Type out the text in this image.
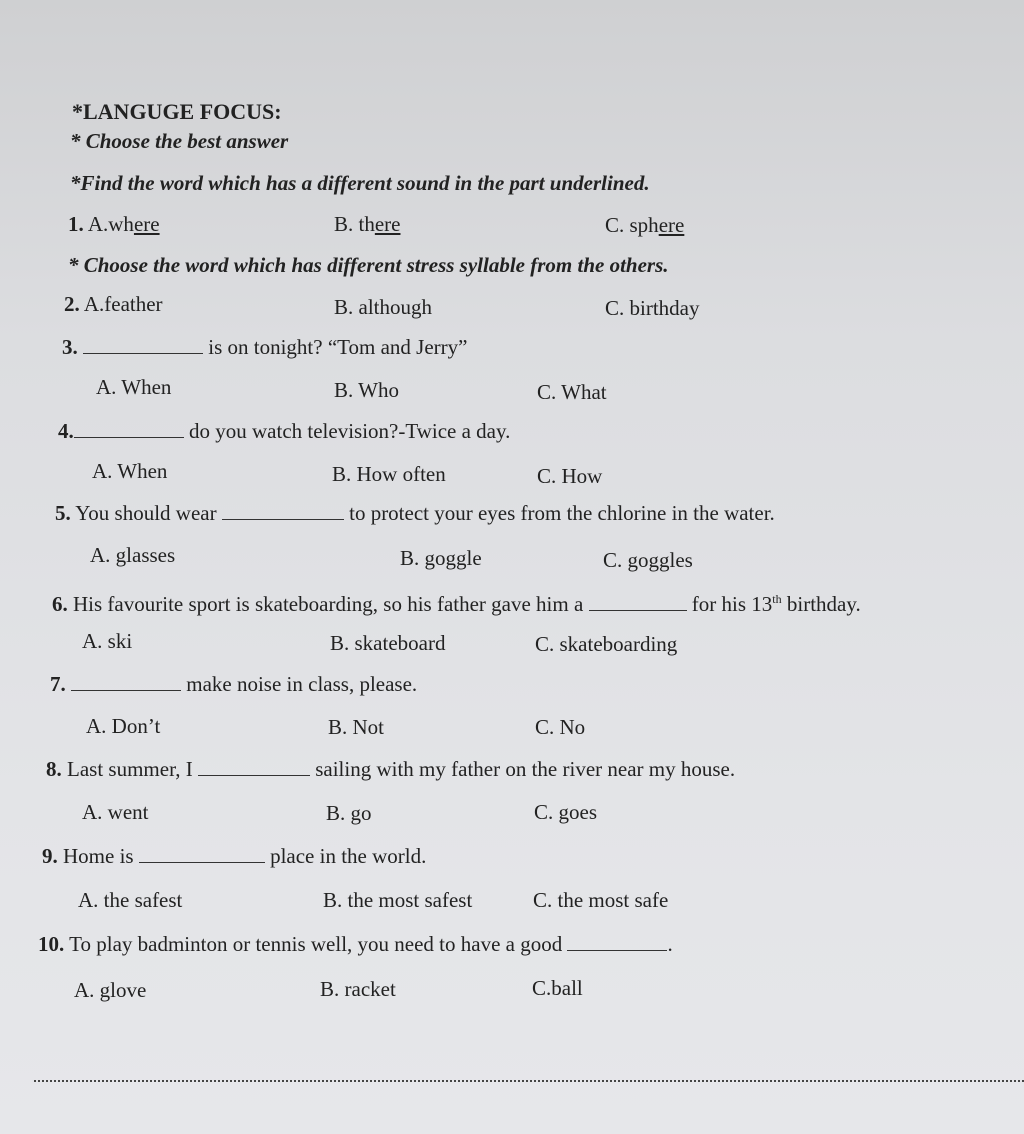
*LANGUGE FOCUS:
* Choose the best answer
*Find the word which has a different sound in the part underlined.
1. A.where	B. there	C. sphere
* Choose the word which has different stress syllable from the others.
2. A.feather	B. although	C. birthday
3.	is on tonight? “Tom and Jerry”
A. When	B. Who	C. What
4.	do you watch television?-Twice a day.
A. When	B. How often	C. How
5. You should wear	to protect your eyes from the chlorine in the water.
A. glasses	B. goggle	C. goggles
6. His favourite sport is skateboarding, so his father gave him a	for his 13th birthday.
A. ski	B. skateboard	C. skateboarding
7.	make noise in class, please.
A. Don’t	B. Not	C. No
8. Last summer, I	sailing with my father on the river near my house.
A. went	B. go	C. goes
9. Home is	place in the world.
A. the safest	B. the most safest	C. the most safe
10. To play badminton or tennis well, you need to have a good	.
A. glove	B. racket	C.ball
